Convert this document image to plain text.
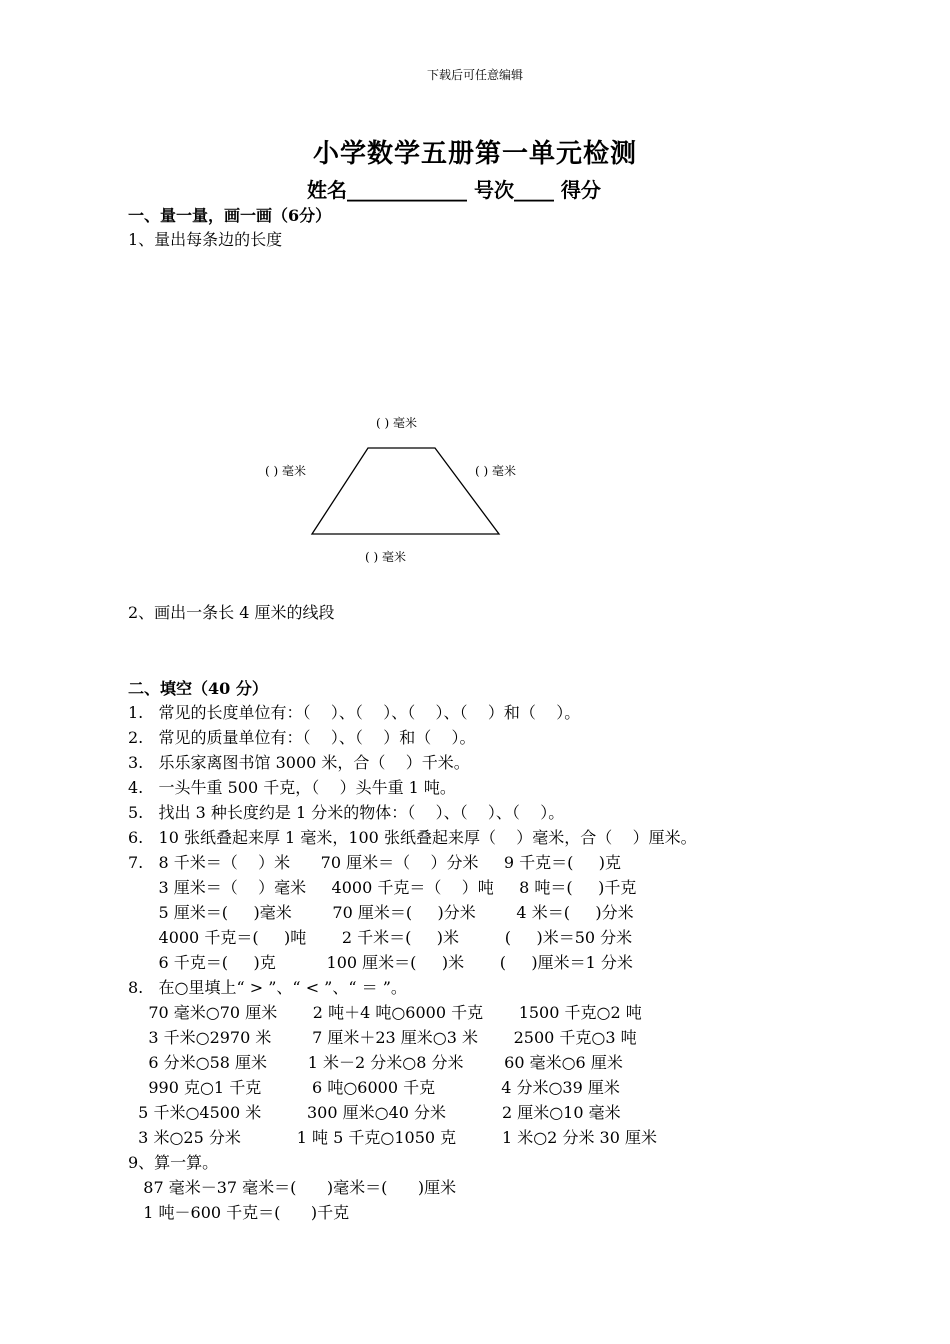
下载后可任意编辑
小学数学五册第一单元检测
姓名____________ 号次____ 得分
一、量一量，画一画（6分）
1、量出每条边的长度
( ) 毫米
( ) 毫米	( ) 毫米
( ) 毫米
2、画出一条长 4 厘米的线段
二、填空（40 分）
1.   常见的长度单位有：（    ）、（    ）、（    ）、（    ）和（    ）。
2.   常见的质量单位有：（    ）、（    ）和（    ）。
3.   乐乐家离图书馆 3000 米，合（    ）千米。
4.   一头牛重 500 千克，（    ）头牛重 1 吨。
5.   找出 3 种长度约是 1 分米的物体：（    ）、（    ）、（    ）。
6.   10 张纸叠起来厚 1 毫米，100 张纸叠起来厚（    ）毫米，合（    ）厘米。
7.   8 千米＝（    ）米      70 厘米＝（    ）分米     9 千克＝(     )克
3 厘米＝（    ）毫米     4000 千克＝（    ）吨     8 吨＝(     )千克
5 厘米＝(     )毫米        70 厘米＝(     )分米        4 米＝(     )分米
4000 千克＝(     )吨       2 千米＝(     )米         (     )米＝50 分米
6 千克＝(     )克          100 厘米＝(     )米       (     )厘米＝1 分米
8.   在○里填上“ > ”、“ < ”、“ ＝ ”。
70 毫米○70 厘米       2 吨＋4 吨○6000 千克       1500 千克○2 吨
3 千米○2970 米        7 厘米＋23 厘米○3 米       2500 千克○3 吨
6 分米○58 厘米        1 米－2 分米○8 分米        60 毫米○6 厘米
990 克○1 千克          6 吨○6000 千克             4 分米○39 厘米
5 千米○4500 米         300 厘米○40 分米           2 厘米○10 毫米
3 米○25 分米           1 吨 5 千克○1050 克         1 米○2 分米 30 厘米
9、算一算。
87 毫米－37 毫米＝(      )毫米＝(      )厘米
1 吨－600 千克＝(      )千克
